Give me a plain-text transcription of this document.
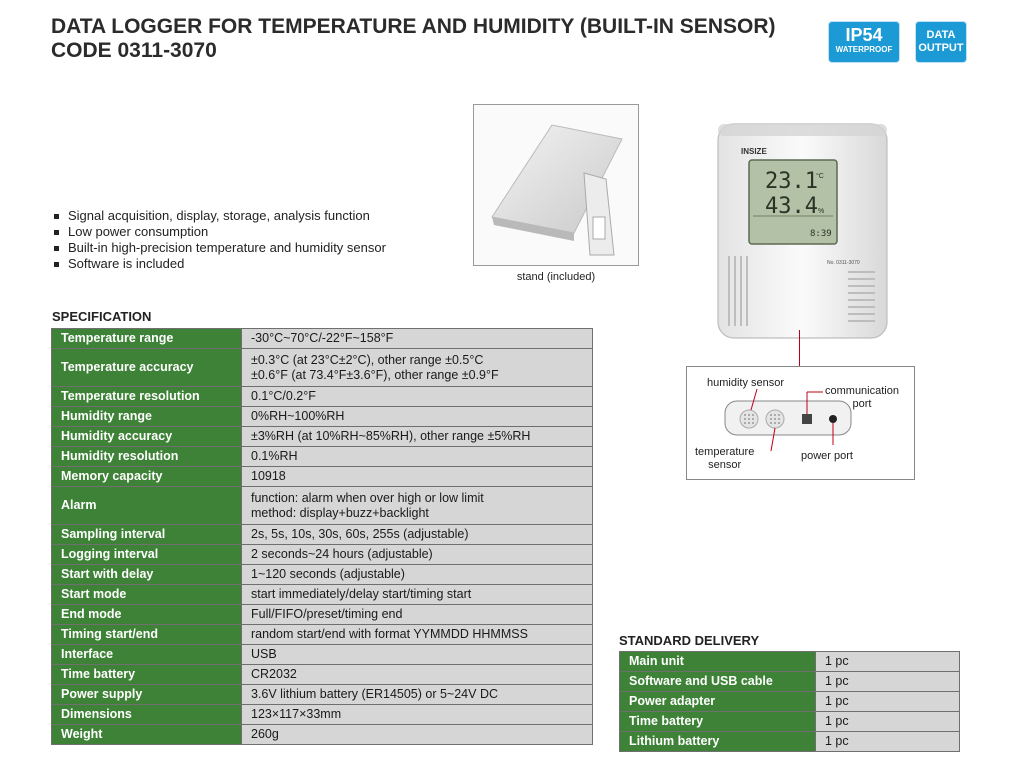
DATA LOGGER FOR TEMPERATURE AND HUMIDITY (BUILT-IN SENSOR)
CODE 0311-3070
IP54
WATERPROOF
DATA
OUTPUT
Signal acquisition, display, storage, analysis function
Low power consumption
Built-in high-precision temperature and humidity sensor
Software is included
stand (included)
INSIZE
23.1
°C
43.4 %
8:39
No. 0311-3070
humidity sensor
communication
port
temperature
sensor
power port
SPECIFICATION
Temperature range	-30°C~70°C/-22°F~158°F
Temperature accuracy	±0.3°C (at 23°C±2°C), other range ±0.5°C
±0.6°F (at 73.4°F±3.6°F), other range ±0.9°F
Temperature resolution	0.1°C/0.2°F
Humidity range	0%RH~100%RH
Humidity accuracy	±3%RH (at 10%RH~85%RH), other range ±5%RH
Humidity resolution	0.1%RH
Memory capacity	10918
Alarm	function: alarm when over high or low limit
method: display+buzz+backlight
Sampling interval	2s, 5s, 10s, 30s, 60s, 255s (adjustable)
Logging interval	2 seconds~24 hours (adjustable)
Start with delay	1~120 seconds (adjustable)
Start mode	start immediately/delay start/timing start
End mode	Full/FIFO/preset/timing end
Timing start/end	random start/end with format YYMMDD HHMMSS
Interface	USB
Time battery	CR2032
Power supply	3.6V lithium battery (ER14505) or 5~24V DC
Dimensions	123×117×33mm
Weight	260g
STANDARD DELIVERY
Main unit	1 pc
Software and USB cable	1 pc
Power adapter	1 pc
Time battery	1 pc
Lithium battery	1 pc
